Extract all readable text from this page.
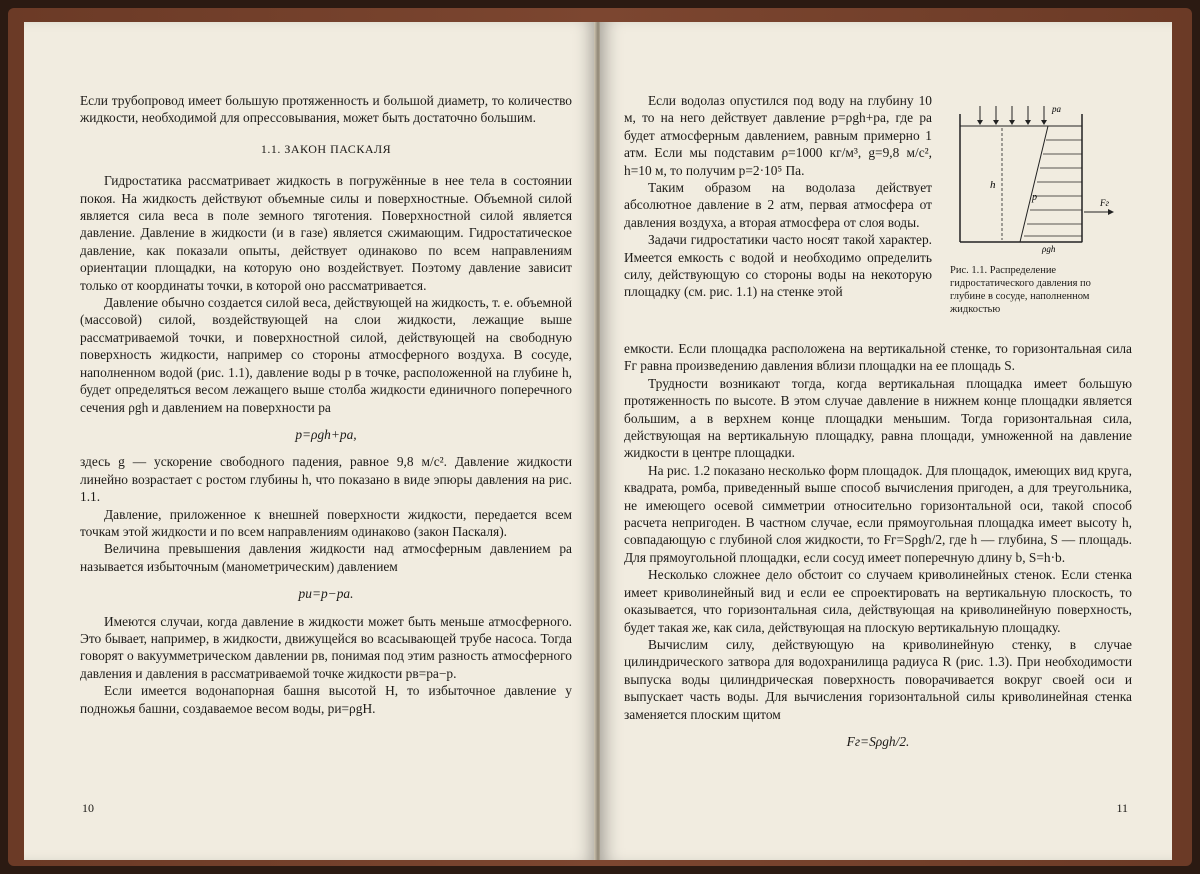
Если трубопровод имеет большую протяженность и большой диаметр, то количество жидкости, необходимой для опрессовывания, может быть достаточно большим.

1.1. ЗАКОН ПАСКАЛЯ

Гидростатика рассматривает жидкость в погружённые в нее тела в состоянии покоя. На жидкость действуют объемные силы и поверхностные. Объемной силой является сила веса в поле земного тяготения. Поверхностной силой является давление. Давление в жидкости (и в газе) является сжимающим. Гидростатическое давление, как показали опыты, действует одинаково по всем направлениям ориентации площадки, на которую оно воздействует. Поэтому давление зависит только от координаты точки, в которой оно рассматривается.

Давление обычно создается силой веса, действующей на жидкость, т. е. объемной (массовой) силой, воздействующей на слои жидкости, лежащие выше рассматриваемой точки, и поверхностной силой, действующей на свободную поверхность жидкости, например со стороны атмосферного воздуха. В сосуде, наполненном водой (рис. 1.1), давление воды p в точке, расположенной на глубине h, будет определяться весом лежащего выше столба жидкости единичного поперечного сечения ρgh и давлением на поверхности pa

p=ρgh+pa,

здесь g — ускорение свободного падения, равное 9,8 м/с². Давление жидкости линейно возрастает с ростом глубины h, что показано в виде эпюры давления на рис. 1.1.

Давление, приложенное к внешней поверхности жидкости, передается всем точкам этой жидкости и по всем направлениям одинаково (закон Паскаля).

Величина превышения давления жидкости над атмосферным давлением pa называется избыточным (манометрическим) давлением

pи=p−pa.

Имеются случаи, когда давление в жидкости может быть меньше атмосферного. Это бывает, например, в жидкости, движущейся во всасывающей трубе насоса. Тогда говорят о вакуумметрическом давлении pв, понимая под этим разность атмосферного давления и давления в рассматриваемой точке жидкости pв=pa−p.

Если имеется водонапорная башня высотой H, то избыточное давление у подножья башни, создаваемое весом воды, pи=ρgH.

10

Если водолаз опустился под воду на глубину 10 м, то на него действует давление p=ρgh+pa, где pa будет атмосферным давлением, равным примерно 1 атм. Если мы подставим ρ=1000 кг/м³, g=9,8 м/с², h=10 м, то получим p=2·10⁵ Па.

Таким образом на водолаза действует абсолютное давление в 2 атм, первая атмосфера от давления воздуха, а вторая атмосфера от слоя воды.

Задачи гидростатики часто носят такой характер. Имеется емкость с водой и необходимо определить силу, действующую со стороны воды на некоторую площадку (см. рис. 1.1) на стенке этой

h
pa
p
ρgh
Fг
Рис. 1.1. Распределение гидростатического давления по глубине в сосуде, наполненном жидкостью

емкости. Если площадка расположена на вертикальной стенке, то горизонтальная сила Fг равна произведению давления вблизи площадки на ее площадь S.

Трудности возникают тогда, когда вертикальная площадка имеет большую протяженность по высоте. В этом случае давление в нижнем конце площадки является большим, а в верхнем конце площадки меньшим. Тогда горизонтальная сила, действующая на вертикальную площадку, равна площади, умноженной на давление жидкости в центре площадки.

На рис. 1.2 показано несколько форм площадок. Для площадок, имеющих вид круга, квадрата, ромба, приведенный выше способ вычисления пригоден, а для треугольника, не имеющего осевой симметрии относительно горизонтальной оси, такой способ расчета непригоден. В частном случае, если прямоугольная площадка имеет высоту h, совпадающую с глубиной слоя жидкости, то Fг=Sρgh/2, где h — глубина, S — площадь. Для прямоугольной площадки, если сосуд имеет поперечную длину b, S=h·b.

Несколько сложнее дело обстоит со случаем криволинейных стенок. Если стенка имеет криволинейный вид и если ее спроектировать на вертикальную плоскость, то оказывается, что горизонтальная сила, действующая на криволинейную поверхность, будет такая же, как сила, действующая на плоскую вертикальную площадку.

Вычислим силу, действующую на криволинейную стенку, в случае цилиндрического затвора для водохранилища радиуса R (рис. 1.3). При необходимости выпуска воды цилиндрическая поверхность поворачивается вокруг своей оси и выпускает часть воды. Для вычисления горизонтальной силы криволинейная стенка заменяется плоским щитом

Fг=Sρgh/2.

11
